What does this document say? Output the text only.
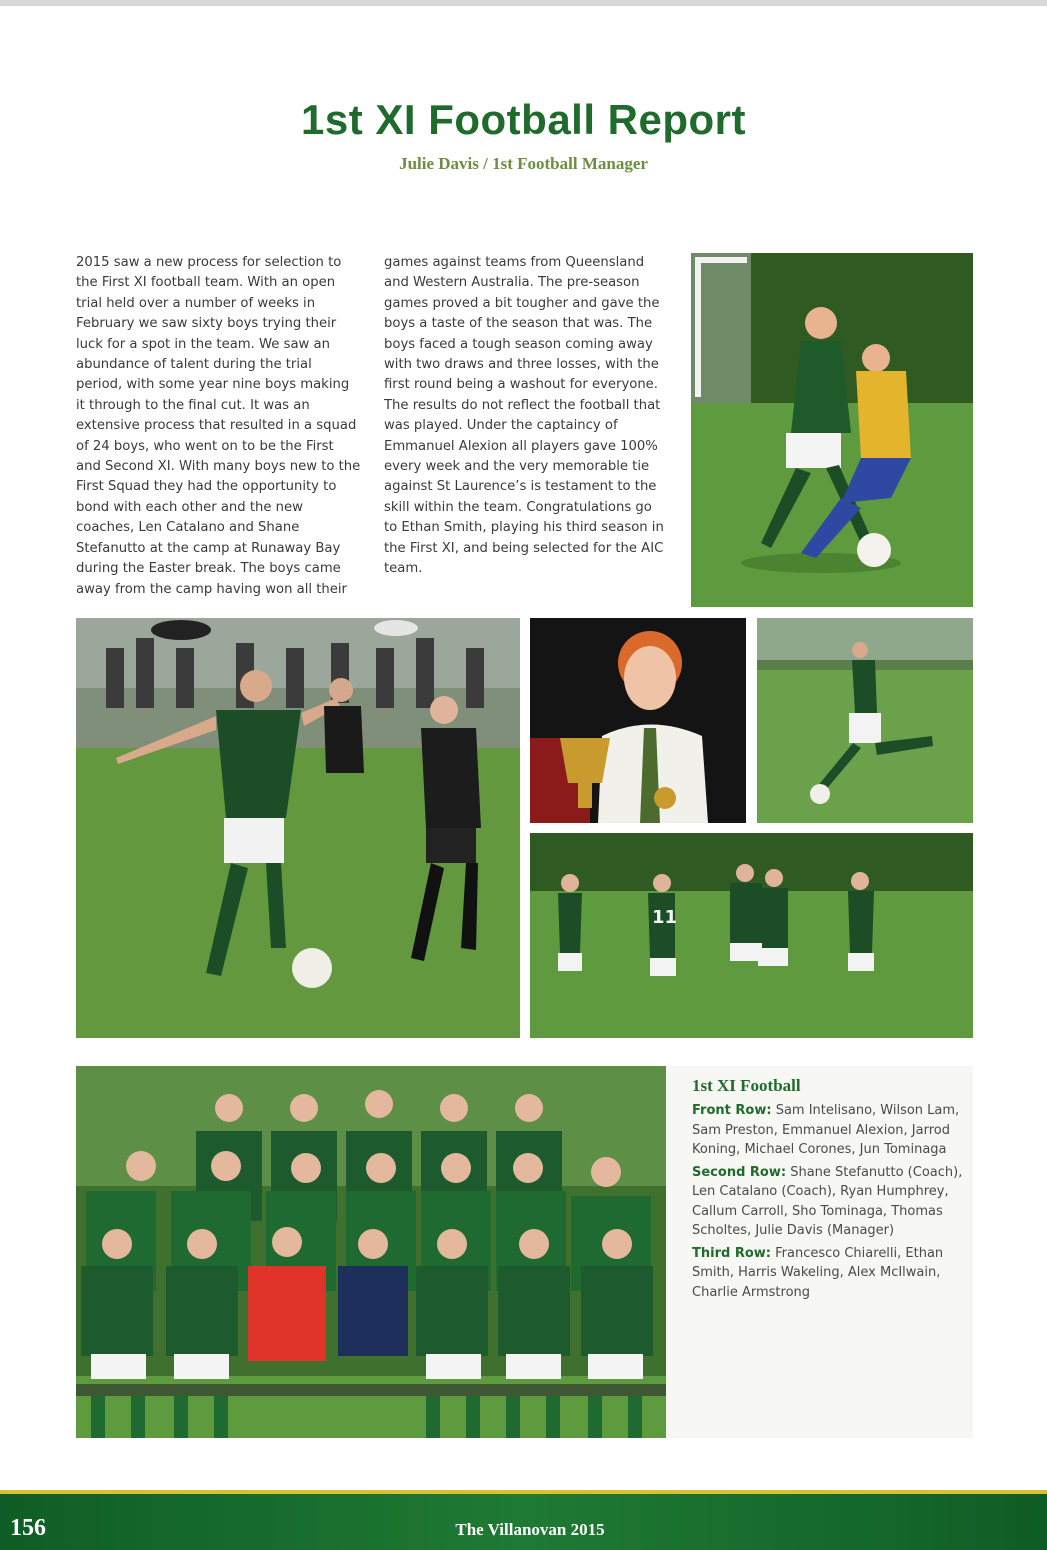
1st XI Football Report
Julie Davis / 1st Football Manager

2015 saw a new process for selection to the First XI football team. With an open trial held over a number of weeks in February we saw sixty boys trying their luck for a spot in the team. We saw an abundance of talent during the trial period, with some year nine boys making it through to the final cut. It was an extensive process that resulted in a squad of 24 boys, who went on to be the First and Second XI. With many boys new to the First Squad they had the opportunity to bond with each other and the new coaches, Len Catalano and Shane Stefanutto at the camp at Runaway Bay during the Easter break. The boys came away from the camp having won all their

games against teams from Queensland and Western Australia. The pre-season games proved a bit tougher and gave the boys a taste of the season that was. The boys faced a tough season coming away with two draws and three losses, with the first round being a washout for everyone. The results do not reflect the football that was played. Under the captaincy of Emmanuel Alexion all players gave 100% every week and the very memorable tie against St Laurence’s is testament to the skill within the team. Congratulations go to Ethan Smith, playing his third season in the First XI, and being selected for the AIC team.

11
1st XI Football

Front Row: Sam Intelisano, Wilson Lam, Sam Preston, Emmanuel Alexion, Jarrod Koning, Michael Corones, Jun Tominaga

Second Row: Shane Stefanutto (Coach), Len Catalano (Coach), Ryan Humphrey, Callum Carroll, Sho Tominaga, Thomas Scholtes, Julie Davis (Manager)

Third Row: Francesco Chiarelli, Ethan Smith, Harris Wakeling, Alex McIlwain, Charlie Armstrong

156	The Villanovan 2015
